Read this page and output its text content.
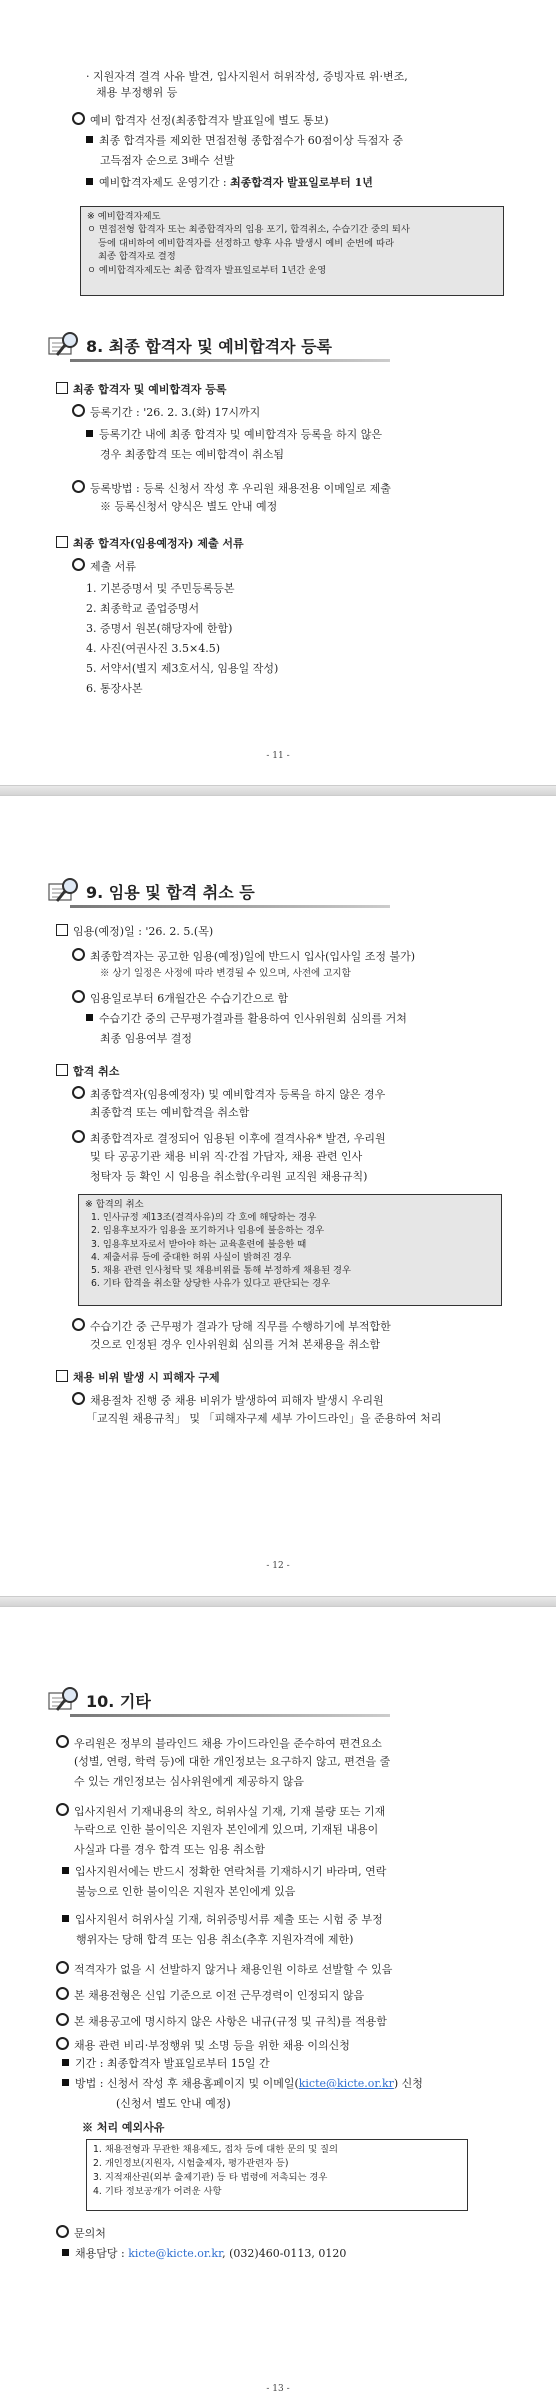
· 지원자격 결격 사유 발견, 입사지원서 허위작성, 증빙자료 위·변조,
채용 부정행위 등
예비 합격자 선정(최종합격자 발표일에 별도 통보)
최종 합격자를 제외한 면접전형 종합점수가 60점이상 득점자 중
고득점자 순으로 3배수 선발
예비합격자제도 운영기간 : 최종합격자 발표일로부터 1년
※ 예비합격자제도
ㅇ 면접전형 합격자 또는 최종합격자의 임용 포기, 합격취소, 수습기간 중의 퇴사
등에 대비하여 예비합격자를 선정하고 향후 사유 발생시 예비 순번에 따라
최종 합격자로 결정
ㅇ 예비합격자제도는 최종 합격자 발표일로부터 1년간 운영
8. 최종 합격자 및 예비합격자 등록
최종 합격자 및 예비합격자 등록
등록기간 : '26. 2. 3.(화) 17시까지
등록기간 내에 최종 합격자 및 예비합격자 등록을 하지 않은
경우 최종합격 또는 예비합격이 취소됨
등록방법 : 등록 신청서 작성 후 우리원 채용전용 이메일로 제출
※ 등록신청서 양식은 별도 안내 예정
최종 합격자(임용예정자) 제출 서류
제출 서류
1. 기본증명서 및 주민등록등본
2. 최종학교 졸업증명서
3. 증명서 원본(해당자에 한함)
4. 사진(여권사진 3.5×4.5)
5. 서약서(별지 제3호서식, 임용일 작성)
6. 통장사본
- 11 -
9. 임용 및 합격 취소 등
임용(예정)일 : '26. 2. 5.(목)
최종합격자는 공고한 임용(예정)일에 반드시 입사(입사일 조정 불가)
※ 상기 일정은 사정에 따라 변경될 수 있으며, 사전에 고지함
임용일로부터 6개월간은 수습기간으로 함
수습기간 중의 근무평가결과를 활용하여 인사위원회 심의를 거쳐
최종 임용여부 결정
합격 취소
최종합격자(임용예정자) 및 예비합격자 등록을 하지 않은 경우
최종합격 또는 예비합격을 취소함
최종합격자로 결정되어 임용된 이후에 결격사유* 발견, 우리원
및 타 공공기관 채용 비위 직·간접 가담자, 채용 관련 인사
청탁자 등 확인 시 임용을 취소함(우리원 교직원 채용규칙)
※ 합격의 취소
1. 인사규정 제13조(결격사유)의 각 호에 해당하는 경우
2. 임용후보자가 임용을 포기하거나 임용에 불응하는 경우
3. 임용후보자로서 받아야 하는 교육훈련에 불응한 때
4. 제출서류 등에 중대한 허위 사실이 밝혀진 경우
5. 채용 관련 인사청탁 및 채용비위를 통해 부정하게 채용된 경우
6. 기타 합격을 취소할 상당한 사유가 있다고 판단되는 경우
수습기간 중 근무평가 결과가 당해 직무를 수행하기에 부적합한
것으로 인정된 경우 인사위원회 심의를 거쳐 본채용을 취소함
채용 비위 발생 시 피해자 구제
채용절차 진행 중 채용 비위가 발생하여 피해자 발생시 우리원
「교직원 채용규칙」 및 「피해자구제 세부 가이드라인」을 준용하여 처리
- 12 -
10. 기타
우리원은 정부의 블라인드 채용 가이드라인을 준수하여 편견요소
(성별, 연령, 학력 등)에 대한 개인정보는 요구하지 않고, 편견을 줄
수 있는 개인정보는 심사위원에게 제공하지 않음
입사지원서 기재내용의 착오, 허위사실 기재, 기재 불량 또는 기재
누락으로 인한 불이익은 지원자 본인에게 있으며, 기재된 내용이
사실과 다를 경우 합격 또는 임용 취소함
입사지원서에는 반드시 정확한 연락처를 기재하시기 바라며, 연락
불능으로 인한 불이익은 지원자 본인에게 있음
입사지원서 허위사실 기재, 허위증빙서류 제출 또는 시험 중 부정
행위자는 당해 합격 또는 임용 취소(추후 지원자격에 제한)
적격자가 없을 시 선발하지 않거나 채용인원 이하로 선발할 수 있음
본 채용전형은 신입 기준으로 이전 근무경력이 인정되지 않음
본 채용공고에 명시하지 않은 사항은 내규(규정 및 규칙)를 적용함
채용 관련 비리·부정행위 및 소명 등을 위한 채용 이의신청
기간 : 최종합격자 발표일로부터 15일 간
방법 : 신청서 작성 후 채용홈페이지 및 이메일(kicte@kicte.or.kr) 신청
(신청서 별도 안내 예정)
※ 처리 예외사유
1. 채용전형과 무관한 채용제도, 접차 등에 대한 문의 및 질의
2. 개인정보(지원자, 시험출제자, 평가관련자 등)
3. 지적재산권(외부 출제기관) 등 타 법령에 저촉되는 경우
4. 기타 정보공개가 어려운 사항
문의처
채용담당 : kicte@kicte.or.kr, (032)460-0113, 0120
- 13 -
